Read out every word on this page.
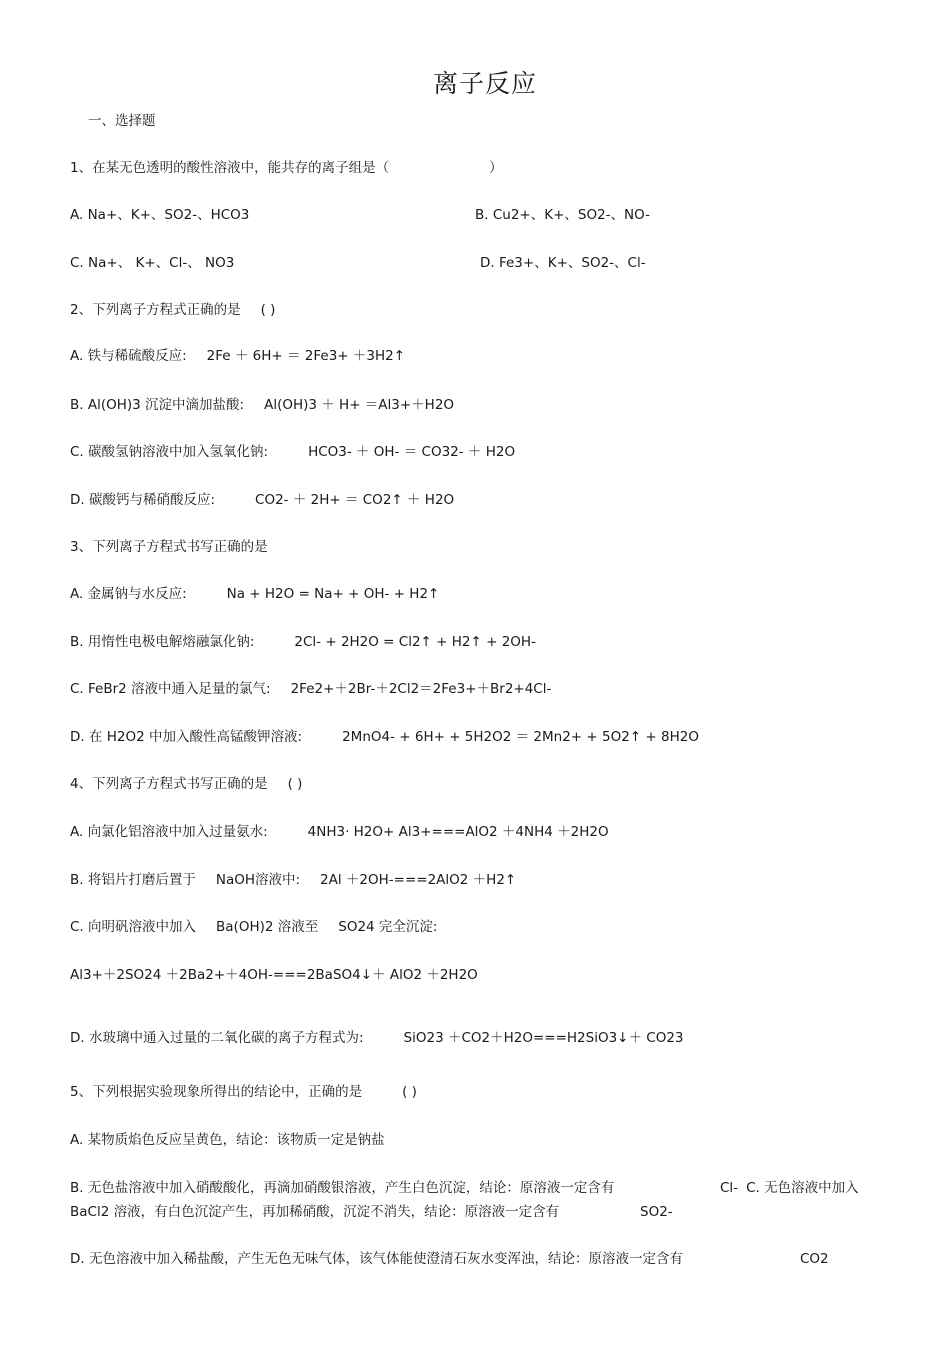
离子反应
一、选择题
1、在某无色透明的酸性溶液中，能共存的离子组是（	）
A. Na+、K+、SO2-、HCO3	B. Cu2+、K+、SO2-、NO-
C. Na+、 K+、Cl-、 NO3	D. Fe3+、K+、SO2-、Cl-
2、下列离子方程式正确的是 ( )
A. 铁与稀硫酸反应: 2Fe ＋ 6H+ ＝ 2Fe3+ ＋3H2↑
B. Al(OH)3 沉淀中滴加盐酸: Al(OH)3 ＋ H+ ＝Al3+＋H2O
C. 碳酸氢钠溶液中加入氢氧化钠:	HCO3- ＋ OH- ＝ CO32- ＋ H2O
D. 碳酸钙与稀硝酸反应:	CO2- ＋ 2H+ ＝ CO2↑ ＋ H2O
3、下列离子方程式书写正确的是
A. 金属钠与水反应:	Na + H2O = Na+ + OH- + H2↑
B. 用惰性电极电解熔融氯化钠:	2Cl- + 2H2O = Cl2↑ + H2↑ + 2OH-
C. FeBr2 溶液中通入足量的氯气: 2Fe2+＋2Br-＋2Cl2＝2Fe3+＋Br2+4Cl-
D. 在 H2O2 中加入酸性高锰酸钾溶液:	2MnO4- + 6H+ + 5H2O2 ＝ 2Mn2+ + 5O2↑ + 8H2O
4、下列离子方程式书写正确的是 ( )
A. 向氯化铝溶液中加入过量氨水:	4NH3· H2O+ Al3+===AlO2 ＋4NH4 ＋2H2O
B. 将铝片打磨后置于 NaOH溶液中: 2Al ＋2OH-===2AlO2 ＋H2↑
C. 向明矾溶液中加入 Ba(OH)2 溶液至 SO24 完全沉淀:
Al3+＋2SO24 ＋2Ba2+＋4OH-===2BaSO4↓＋ AlO2 ＋2H2O
D. 水玻璃中通入过量的二氧化碳的离子方程式为:	SiO23 ＋CO2＋H2O===H2SiO3↓＋ CO23
5、下列根据实验现象所得出的结论中，正确的是	( )
A. 某物质焰色反应呈黄色，结论：该物质一定是钠盐
B. 无色盐溶液中加入硝酸酸化，再滴加硝酸银溶液，产生白色沉淀，结论：原溶液一定含有	Cl- C. 无色溶液中加入
BaCl2 溶液，有白色沉淀产生，再加稀硝酸，沉淀不消失，结论：原溶液一定含有	SO2-
D. 无色溶液中加入稀盐酸，产生无色无味气体，该气体能使澄清石灰水变浑浊，结论：原溶液一定含有	CO2
